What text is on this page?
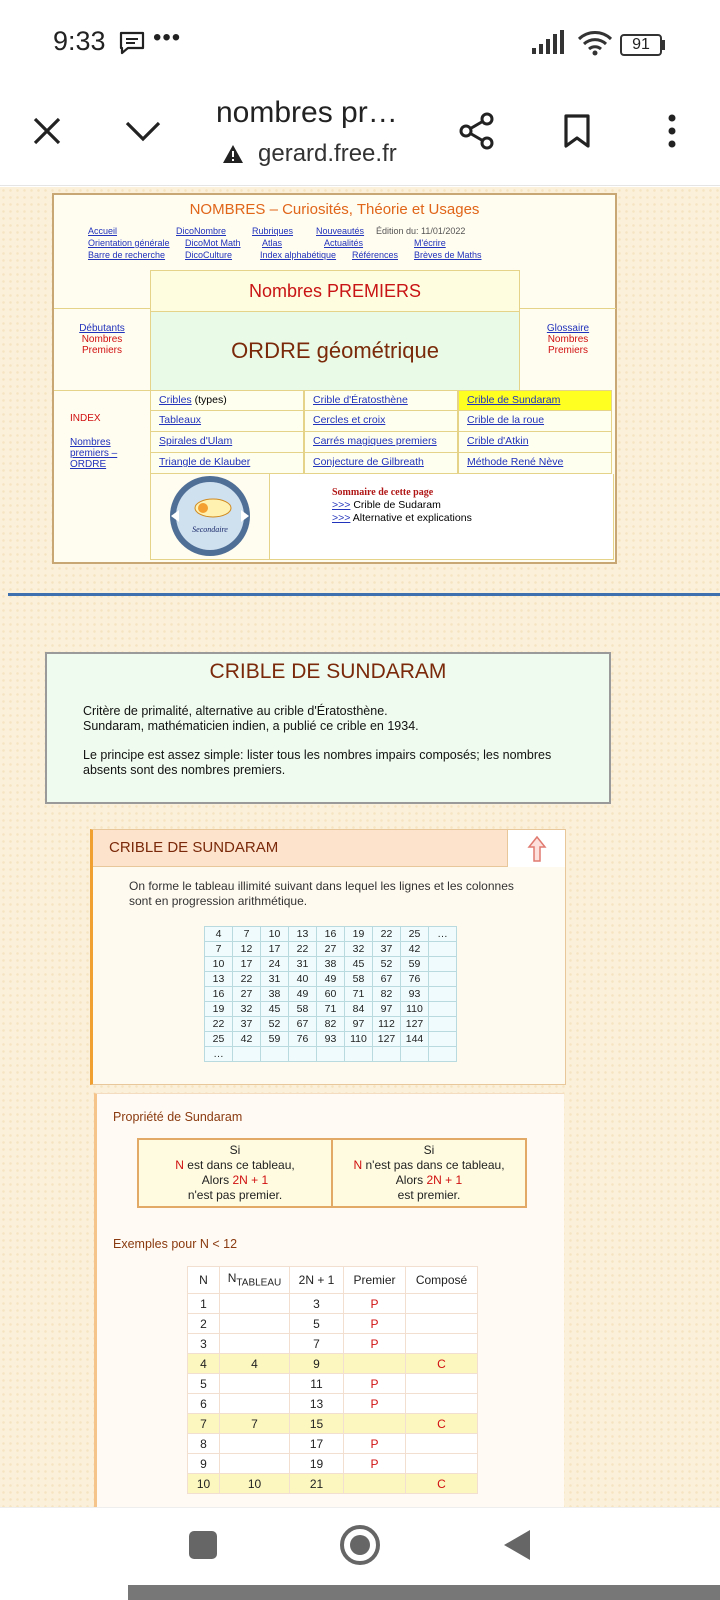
9:33 •••	91
nombres pr…
gerard.free.fr
NOMBRES – Curiosités, Théorie et Usages
Accueil
Orientation générale
Barre de recherche
DicoNombre
DicoMot Math
DicoCulture
Rubriques
Atlas
Index alphabétique
Nouveautés
Actualités
Références
Édition du: 11/01/2022
M'écrire
Brèves de Maths
Nombres PREMIERS
ORDRE géométrique
Débutants
Nombres
Premiers
Glossaire
Nombres
Premiers
INDEX
Nombres
premiers –
ORDRE
Cribles (types)	Crible d'Ératosthène	Crible de Sundaram
Tableaux	Cercles et croix	Crible de la roue
Spirales d'Ulam	Carrés magiques premiers	Crible d'Atkin
Triangle de Klauber	Conjecture de Gilbreath	Méthode René Nève
Secondaire
Sommaire de cette page
>>> Crible de Sudaram
>>> Alternative et explications
CRIBLE DE SUNDARAM
Critère de primalité, alternative au crible d'Ératosthène.
Sundaram, mathématicien indien, a publié ce crible en 1934.
Le principe est assez simple: lister tous les nombres impairs composés; les nombres
absents sont des nombres premiers.
CRIBLE DE SUNDARAM
On forme le tableau illimité suivant dans lequel les lignes et les colonnes
sont en progression arithmétique.
4	7	10	13	16	19	22	25	…
7	12	17	22	27	32	37	42	
10	17	24	31	38	45	52	59	
13	22	31	40	49	58	67	76	
16	27	38	49	60	71	82	93	
19	32	45	58	71	84	97	110	
22	37	52	67	82	97	112	127	
25	42	59	76	93	110	127	144	
…								
Propriété de Sundaram
Si
N est dans ce tableau,
Alors 2N + 1
n'est pas premier.
Si
N n'est pas dans ce tableau,
Alors 2N + 1
est premier.
Exemples pour N < 12
N	$N_{TABLEAU}$	2N + 1	Premier	Composé
1		3	P	
2		5	P	
3		7	P	
4	4	9		C
5		11	P	
6		13	P	
7	7	15		C
8		17	P	
9		19	P	
10	10	21		C
